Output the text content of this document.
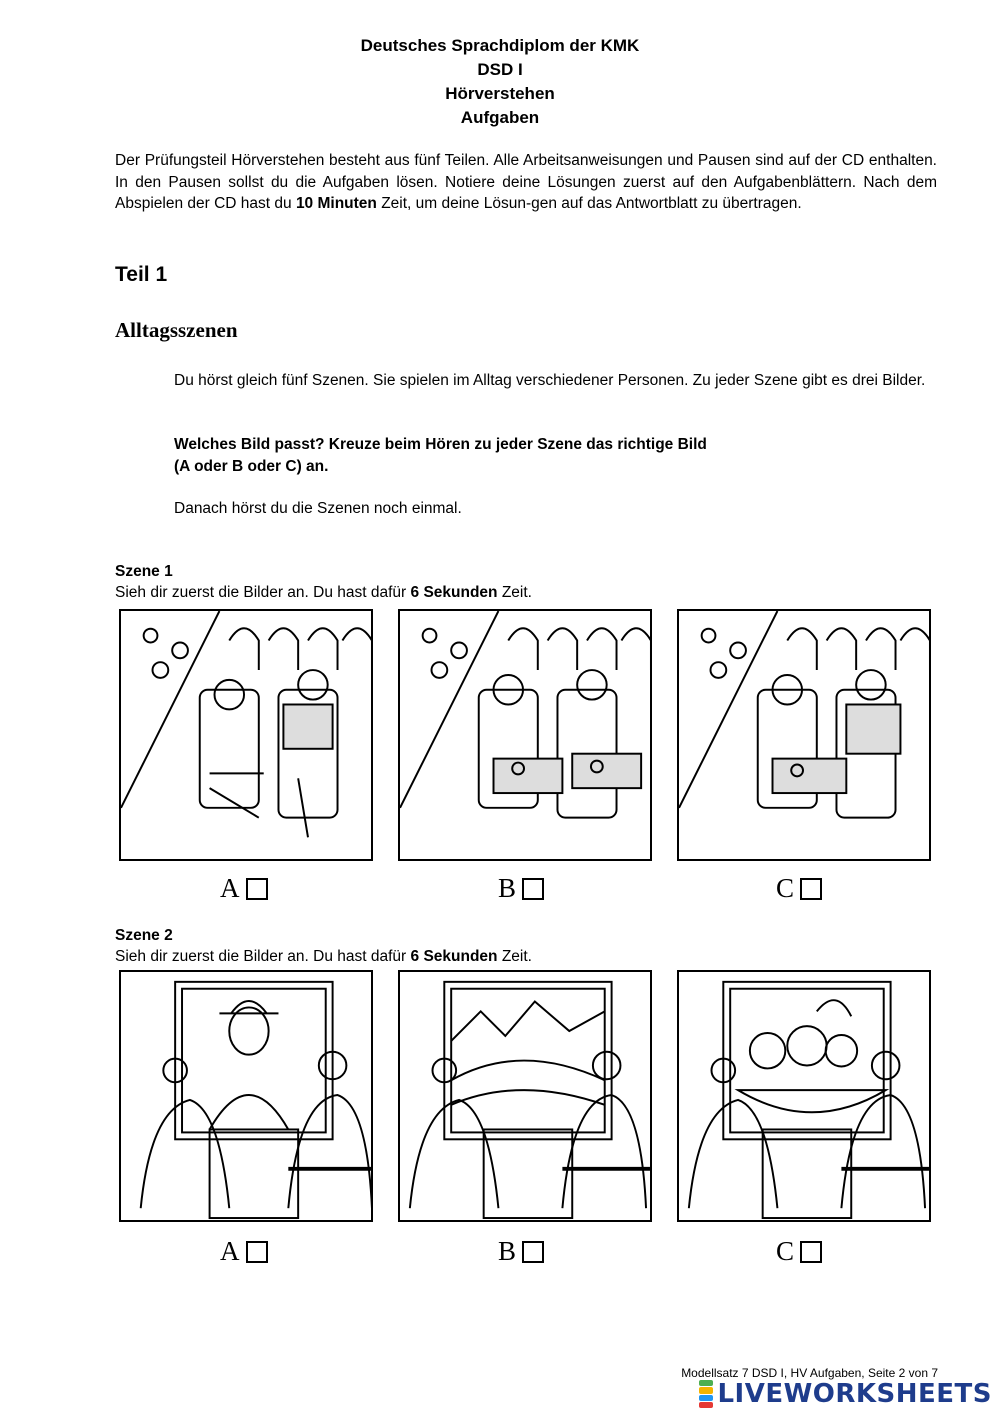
Deutsches Sprachdiplom der KMK
DSD I
Hörverstehen
Aufgaben
Der Prüfungsteil Hörverstehen besteht aus fünf Teilen. Alle Arbeitsanweisungen und Pausen sind auf der CD enthalten. In den Pausen sollst du die Aufgaben lösen. Notiere deine Lösungen zuerst auf den Aufgabenblättern. Nach dem Abspielen der CD hast du 10 Minuten Zeit, um deine Lösun-gen auf das Antwortblatt zu übertragen.
Teil 1
Alltagsszenen
Du hörst gleich fünf Szenen. Sie spielen im Alltag verschiedener Personen. Zu jeder Szene gibt es drei Bilder.
Welches Bild passt? Kreuze beim Hören zu jeder Szene das richtige Bild
(A oder B oder C) an.
Danach hörst du die Szenen noch einmal.
Szene 1
Sieh dir zuerst die Bilder an. Du hast dafür 6 Sekunden Zeit.
A	B	C
Szene 2
Sieh dir zuerst die Bilder an. Du hast dafür 6 Sekunden Zeit.
A	B	C
Modellsatz 7 DSD I, HV Aufgaben, Seite 2 von 7
LIVEWORKSHEETS
